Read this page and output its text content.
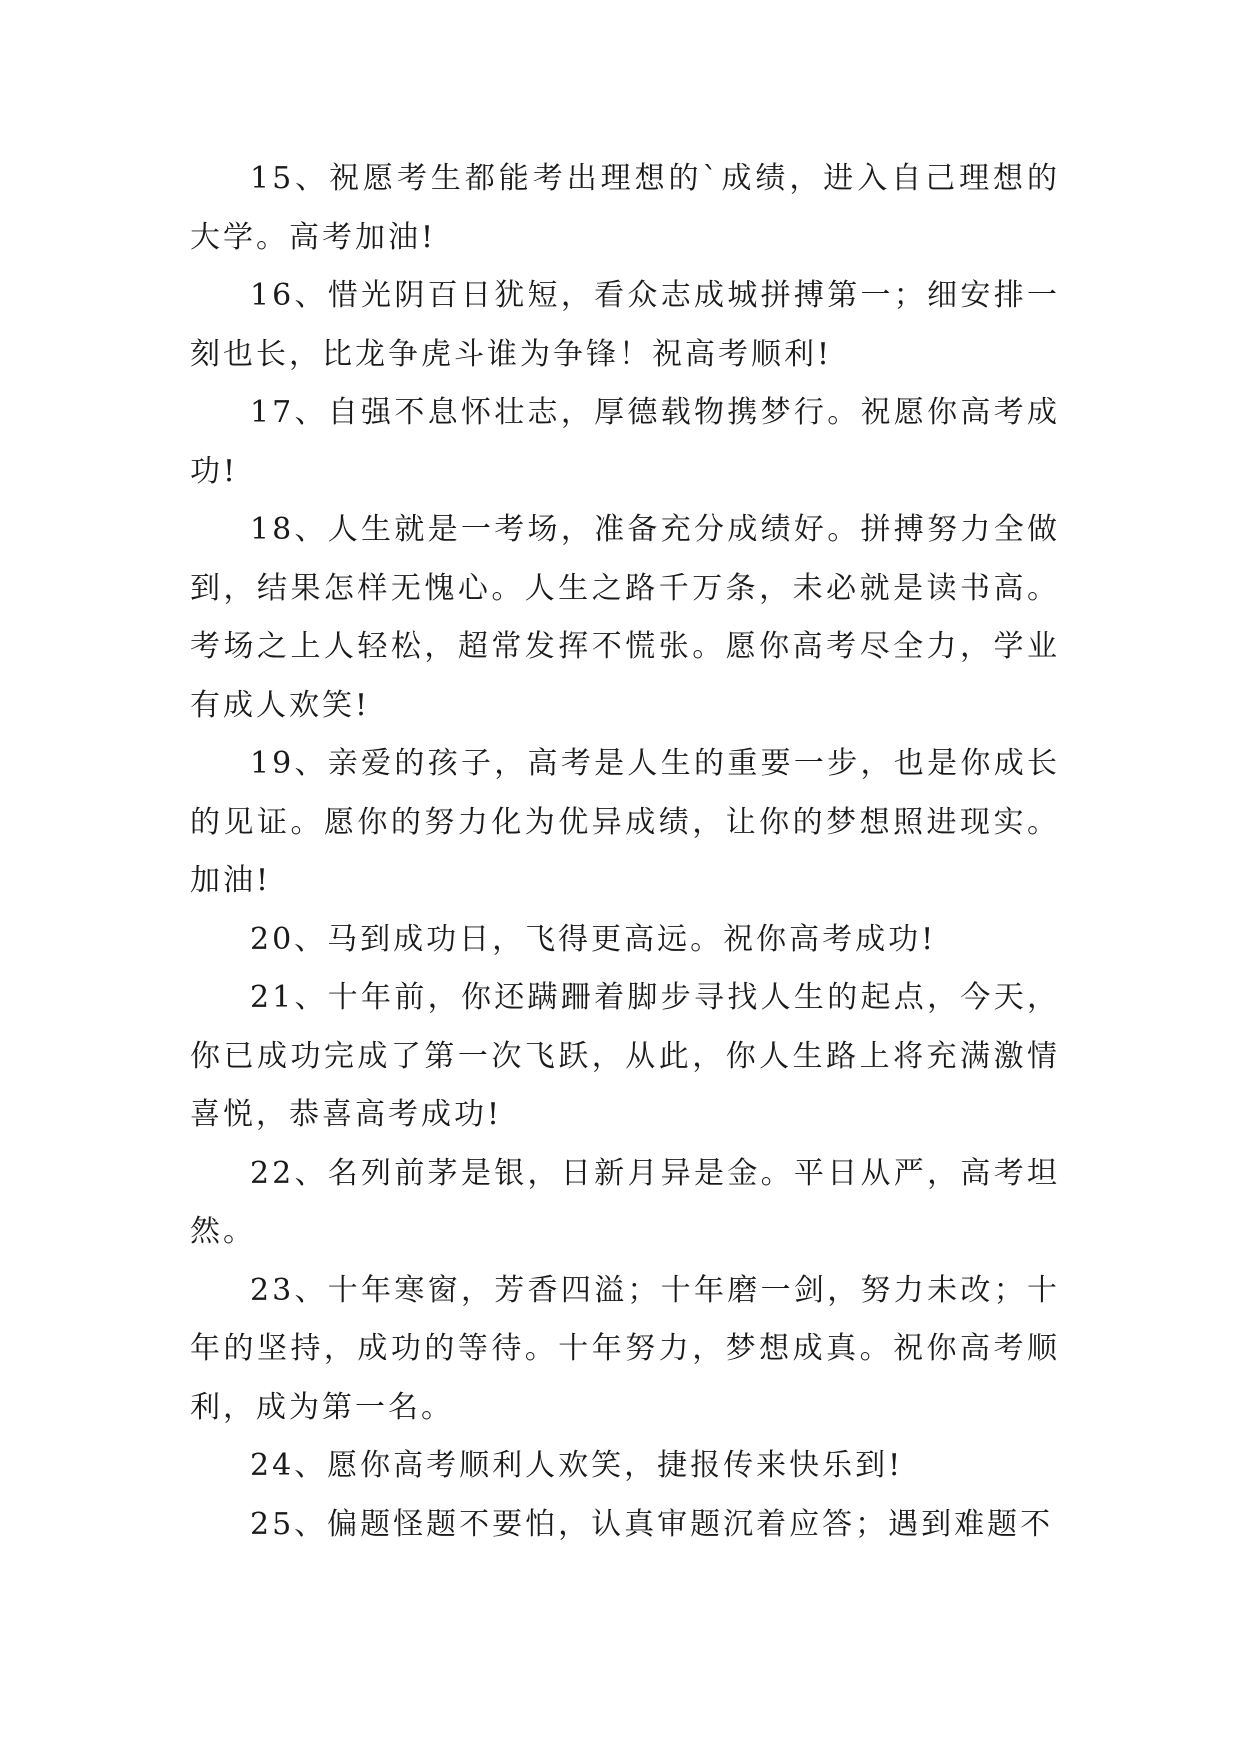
15、祝愿考生都能考出理想的`成绩，进入自己理想的大学。高考加油!

16、惜光阴百日犹短，看众志成城拼搏第一；细安排一刻也长，比龙争虎斗谁为争锋！祝高考顺利!

17、自强不息怀壮志，厚德载物携梦行。祝愿你高考成功!

18、人生就是一考场，准备充分成绩好。拼搏努力全做到，结果怎样无愧心。人生之路千万条，未必就是读书高。考场之上人轻松，超常发挥不慌张。愿你高考尽全力，学业有成人欢笑!

19、亲爱的孩子，高考是人生的重要一步，也是你成长的见证。愿你的努力化为优异成绩，让你的梦想照进现实。加油!

20、马到成功日，飞得更高远。祝你高考成功!

21、十年前，你还蹒跚着脚步寻找人生的起点，今天，你已成功完成了第一次飞跃，从此，你人生路上将充满激情喜悦，恭喜高考成功!

22、名列前茅是银，日新月异是金。平日从严，高考坦然。

23、十年寒窗，芳香四溢；十年磨一剑，努力未改；十年的坚持，成功的等待。十年努力，梦想成真。祝你高考顺利，成为第一名。

24、愿你高考顺利人欢笑，捷报传来快乐到!

25、偏题怪题不要怕，认真审题沉着应答；遇到难题不
